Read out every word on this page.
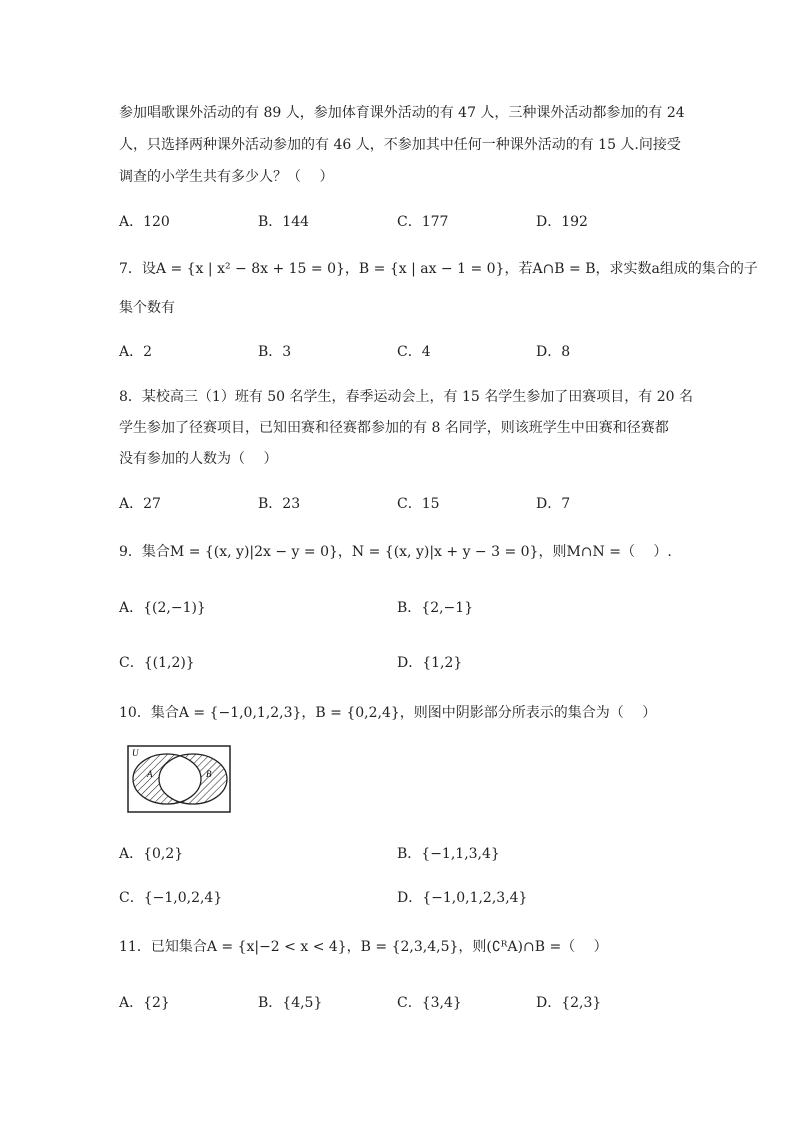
参加唱歌课外活动的有 89 人，参加体育课外活动的有 47 人，三种课外活动都参加的有 24
人，只选择两种课外活动参加的有 46 人，不参加其中任何一种课外活动的有 15 人.问接受
调查的小学生共有多少人？（　 ）
A．120	B．144	C．177	D．192
7．设A = {x | x² − 8x + 15 = 0}，B = {x | ax − 1 = 0}，若A∩B = B，求实数a组成的集合的子
集个数有
A．2	B．3	C．4	D．8
8．某校高三（1）班有 50 名学生，春季运动会上，有 15 名学生参加了田赛项目，有 20 名
学生参加了径赛项目，已知田赛和径赛都参加的有 8 名同学，则该班学生中田赛和径赛都
没有参加的人数为（　 ）
A．27	B．23	C．15	D．7
9．集合M = {(x, y)|2x − y = 0}，N = {(x, y)|x + y − 3 = 0}，则M∩N =（　 ）.
A．{(2,−1)}	B．{2,−1}
C．{(1,2)}	D．{1,2}
10．集合A = {−1,0,1,2,3}，B = {0,2,4}，则图中阴影部分所表示的集合为（　 ）
U
A	B
A．{0,2}	B．{−1,1,3,4}
C．{−1,0,2,4}	D．{−1,0,1,2,3,4}
11．已知集合A = {x|−2 < x < 4}，B = {2,3,4,5}，则(∁ᴿA)∩B =（　 ）
A．{2}	B．{4,5}	C．{3,4}	D．{2,3}
